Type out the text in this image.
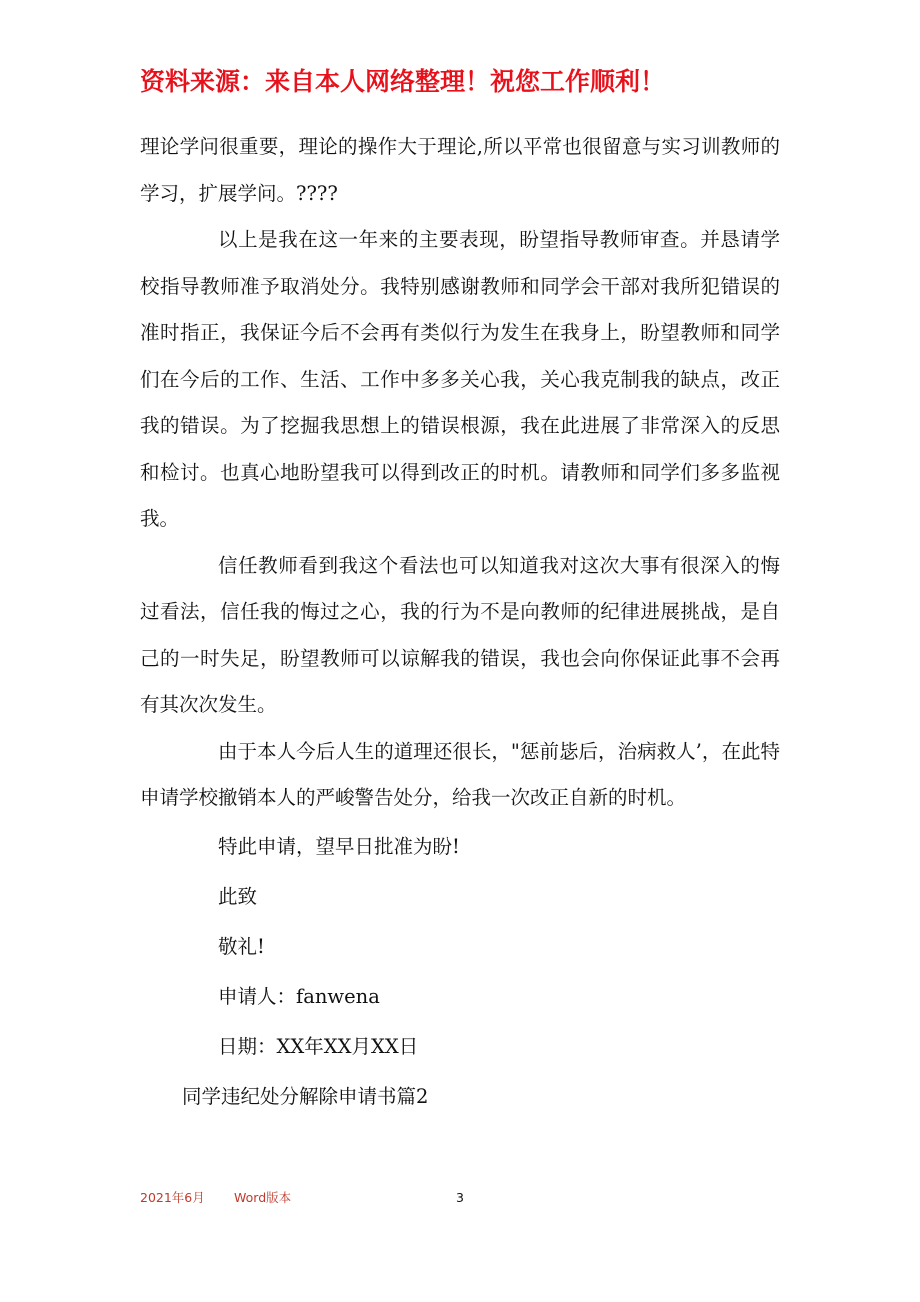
资料来源：来自本人网络整理！祝您工作顺利！

理论学问很重要，理论的操作大于理论,所以平常也很留意与实习训教师的学习，扩展学问。????

以上是我在这一年来的主要表现，盼望指导教师审查。并恳请学校指导教师准予取消处分。我特别感谢教师和同学会干部对我所犯错误的准时指正，我保证今后不会再有类似行为发生在我身上，盼望教师和同学们在今后的工作、生活、工作中多多关心我，关心我克制我的缺点，改正我的错误。为了挖掘我思想上的错误根源，我在此进展了非常深入的反思和检讨。也真心地盼望我可以得到改正的时机。请教师和同学们多多监视我。

信任教师看到我这个看法也可以知道我对这次大事有很深入的悔过看法，信任我的悔过之心，我的行为不是向教师的纪律进展挑战，是自己的一时失足，盼望教师可以谅解我的错误，我也会向你保证此事不会再有其次次发生。

由于本人今后人生的道理还很长，"惩前毖后，治病救人’，在此特申请学校撤销本人的严峻警告处分，给我一次改正自新的时机。

特此申请，望早日批准为盼!

此致

敬礼!

申请人：fanwena

日期：XX年XX月XX日

同学违纪处分解除申请书篇2

2021年6月 Word版本	3
